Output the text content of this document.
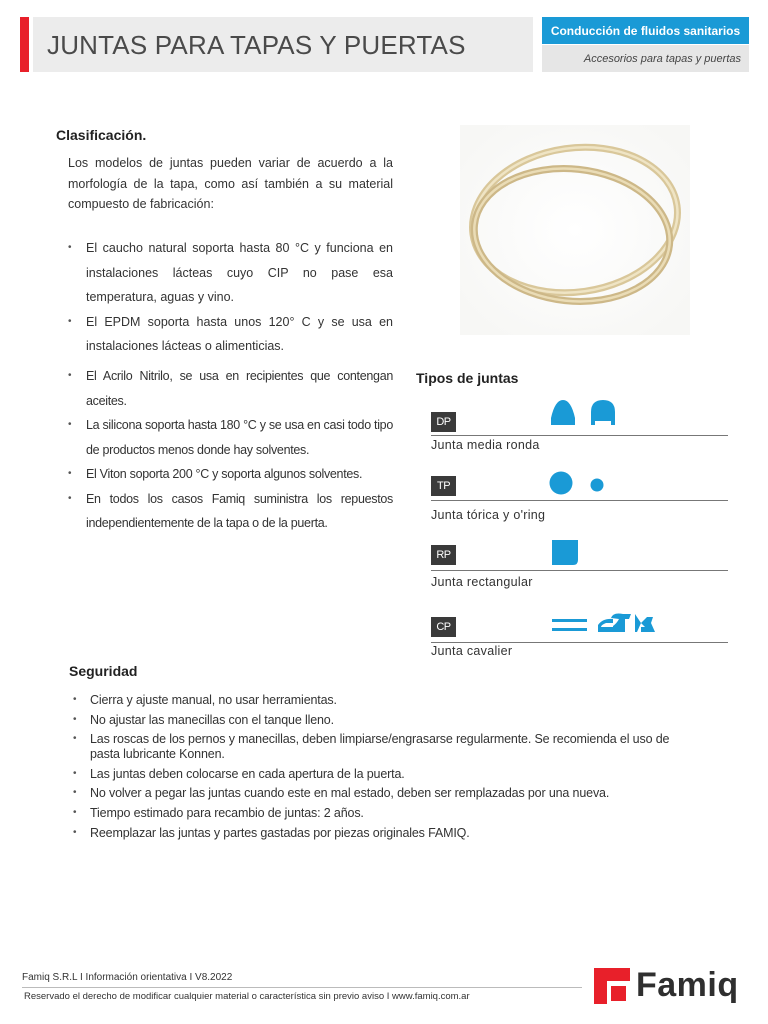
JUNTAS PARA TAPAS Y PUERTAS	Conducción de fluidos sanitarios
Accesorios para tapas y puertas
Clasificación.

Los modelos de juntas pueden variar de acuerdo a la morfología de la tapa, como así también a su material compuesto de fabricación:

• El caucho natural soporta hasta 80 °C y funciona en instalaciones lácteas cuyo CIP no pase esa temperatura, aguas y vino.
• El EPDM soporta hasta unos 120° C y se usa en instalaciones lácteas o alimenticias.
• El Acrilo Nitrilo, se usa en recipientes que contengan aceites.
• La silicona soporta hasta 180 °C y se usa en casi todo tipo de productos menos donde hay solventes.
• El Viton soporta 200 °C y soporta algunos solventes.
• En todos los casos Famiq suministra los repuestos independientemente de la tapa o de la puerta.
Tipos de juntas
DP
Junta media ronda
TP
Junta tórica y o'ring
RP
Junta rectangular
CP
Junta cavalier
Seguridad
• Cierra y ajuste manual, no usar herramientas.
• No ajustar las manecillas con el tanque lleno.
• Las roscas de los pernos y manecillas, deben limpiarse/engrasarse regularmente. Se recomienda el uso de pasta lubricante Konnen.
• Las juntas deben colocarse en cada apertura de la puerta.
• No volver a pegar las juntas cuando este en mal estado, deben ser remplazadas por una nueva.
• Tiempo estimado para recambio de juntas: 2 años.
• Reemplazar las juntas y partes gastadas por piezas originales FAMIQ.
Famiq S.R.L I Información orientativa I V8.2022
Reservado el derecho de modificar cualquier material o característica sin previo aviso I www.famiq.com.ar	Famiq
